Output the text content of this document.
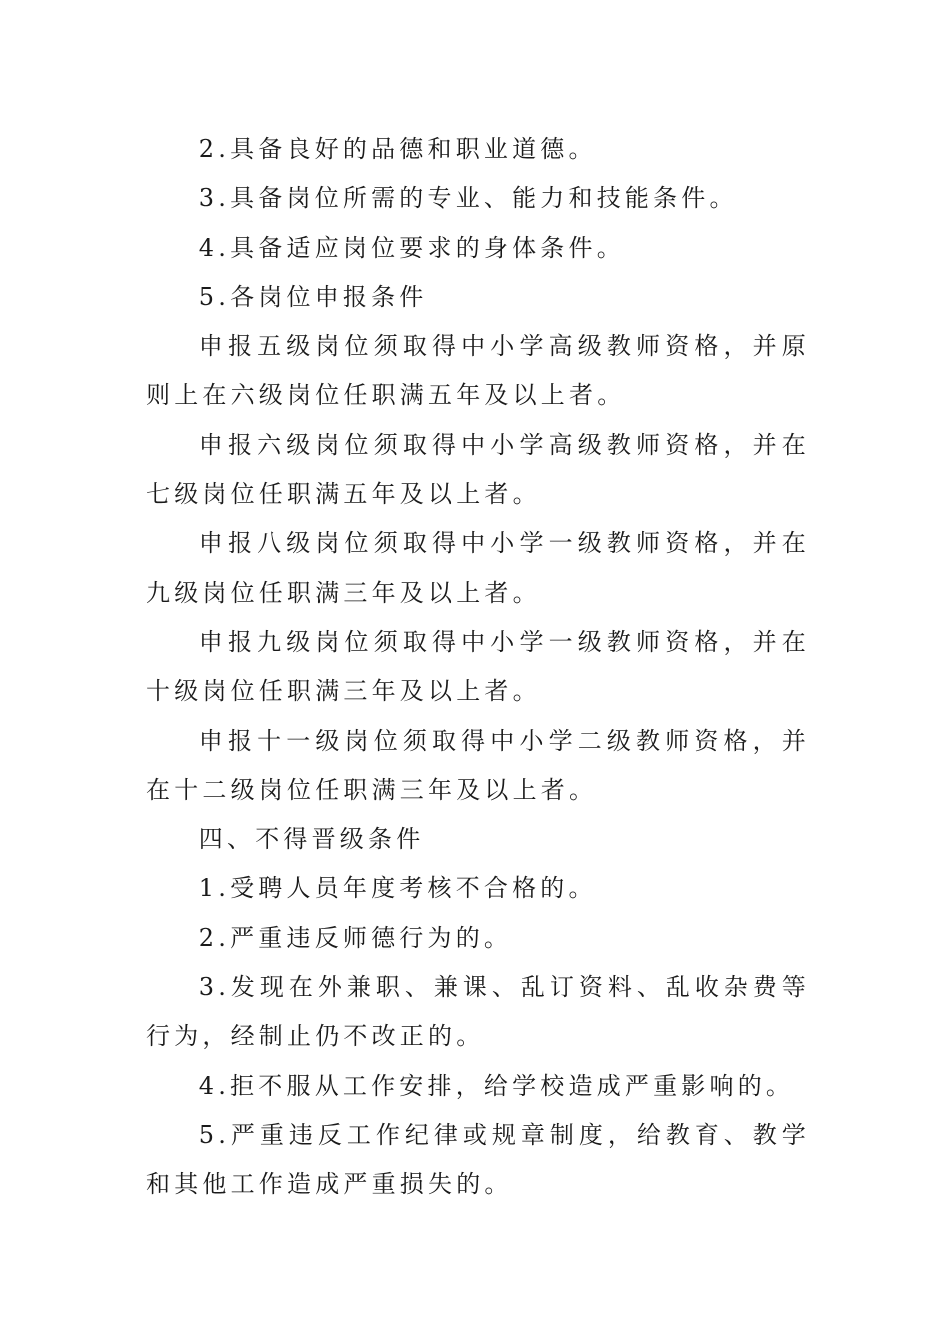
2.具备良好的品德和职业道德。

3.具备岗位所需的专业、能力和技能条件。

4.具备适应岗位要求的身体条件。

5.各岗位申报条件

申报五级岗位须取得中小学高级教师资格，并原则上在六级岗位任职满五年及以上者。

申报六级岗位须取得中小学高级教师资格，并在七级岗位任职满五年及以上者。

申报八级岗位须取得中小学一级教师资格，并在九级岗位任职满三年及以上者。

申报九级岗位须取得中小学一级教师资格，并在十级岗位任职满三年及以上者。

申报十一级岗位须取得中小学二级教师资格，并在十二级岗位任职满三年及以上者。

四、不得晋级条件

1.受聘人员年度考核不合格的。

2.严重违反师德行为的。

3.发现在外兼职、兼课、乱订资料、乱收杂费等行为，经制止仍不改正的。

4.拒不服从工作安排，给学校造成严重影响的。

5.严重违反工作纪律或规章制度，给教育、教学和其他工作造成严重损失的。
